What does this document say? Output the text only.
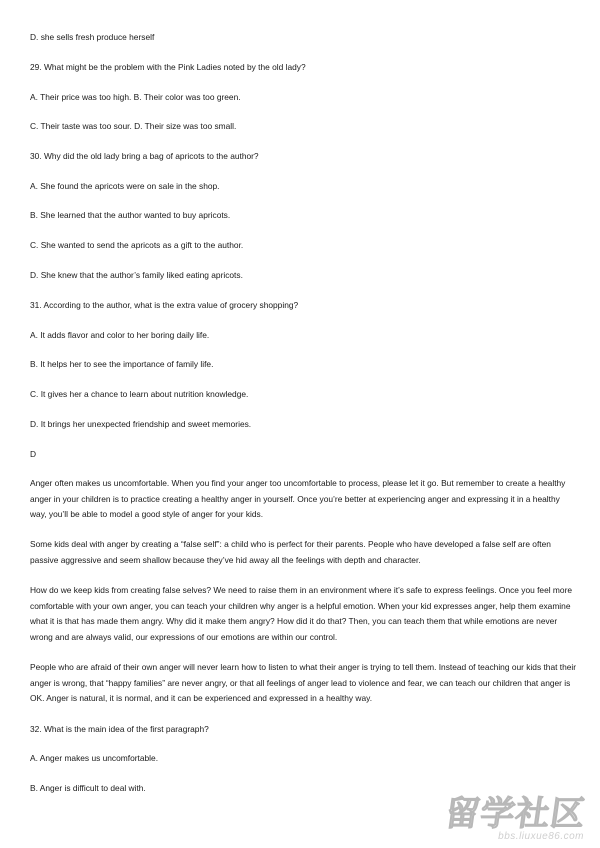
D. she sells fresh produce herself
29. What might be the problem with the Pink Ladies noted by the old lady?
A. Their price was too high. B. Their color was too green.
C. Their taste was too sour. D. Their size was too small.
30. Why did the old lady bring a bag of apricots to the author?
A. She found the apricots were on sale in the shop.
B. She learned that the author wanted to buy apricots.
C. She wanted to send the apricots as a gift to the author.
D. She knew that the author’s family liked eating apricots.
31. According to the author, what is the extra value of grocery shopping?
A. It adds flavor and color to her boring daily life.
B. It helps her to see the importance of family life.
C. It gives her a chance to learn about nutrition knowledge.
D. It brings her unexpected friendship and sweet memories.
D
Anger often makes us uncomfortable. When you find your anger too uncomfortable to process, please let it go. But remember to create a healthy anger in your children is to practice creating a healthy anger in yourself. Once you’re better at experiencing anger and expressing it in a healthy way, you’ll be able to model a good style of anger for your kids.
Some kids deal with anger by creating a “false self”: a child who is perfect for their parents. People who have developed a false self are often passive aggressive and seem shallow because they’ve hid away all the feelings with depth and character.
How do we keep kids from creating false selves? We need to raise them in an environment where it’s safe to express feelings. Once you feel more comfortable with your own anger, you can teach your children why anger is a helpful emotion. When your kid expresses anger, help them examine what it is that has made them angry. Why did it make them angry? How did it do that? Then, you can teach them that while emotions are never wrong and are always valid, our expressions of our emotions are within our control.
People who are afraid of their own anger will never learn how to listen to what their anger is trying to tell them. Instead of teaching our kids that their anger is wrong, that “happy families” are never angry, or that all feelings of anger lead to violence and fear, we can teach our children that anger is OK. Anger is natural, it is normal, and it can be experienced and expressed in a healthy way.
32. What is the main idea of the first paragraph?
A. Anger makes us uncomfortable.
B. Anger is difficult to deal with.
留学社区
bbs.liuxue86.com
